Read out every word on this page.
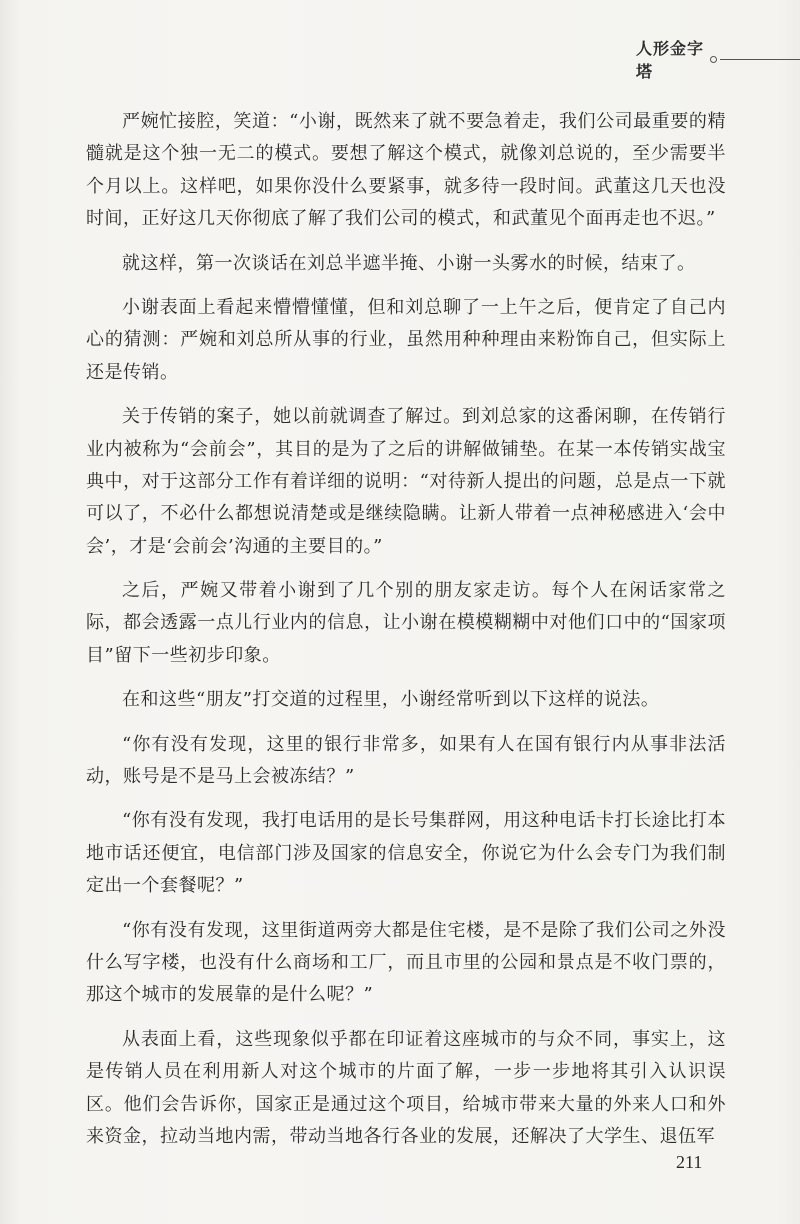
人形金字塔

严婉忙接腔，笑道：“小谢，既然来了就不要急着走，我们公司最重要的精髓就是这个独一无二的模式。要想了解这个模式，就像刘总说的，至少需要半个月以上。这样吧，如果你没什么要紧事，就多待一段时间。武董这几天也没时间，正好这几天你彻底了解了我们公司的模式，和武董见个面再走也不迟。”

就这样，第一次谈话在刘总半遮半掩、小谢一头雾水的时候，结束了。

小谢表面上看起来懵懵懂懂，但和刘总聊了一上午之后，便肯定了自己内心的猜测：严婉和刘总所从事的行业，虽然用种种理由来粉饰自己，但实际上还是传销。

关于传销的案子，她以前就调查了解过。到刘总家的这番闲聊，在传销行业内被称为“会前会”，其目的是为了之后的讲解做铺垫。在某一本传销实战宝典中，对于这部分工作有着详细的说明：“对待新人提出的问题，总是点一下就可以了，不必什么都想说清楚或是继续隐瞒。让新人带着一点神秘感进入‘会中会’，才是‘会前会’沟通的主要目的。”

之后，严婉又带着小谢到了几个别的朋友家走访。每个人在闲话家常之际，都会透露一点儿行业内的信息，让小谢在模模糊糊中对他们口中的“国家项目”留下一些初步印象。

在和这些“朋友”打交道的过程里，小谢经常听到以下这样的说法。

“你有没有发现，这里的银行非常多，如果有人在国有银行内从事非法活动，账号是不是马上会被冻结？”

“你有没有发现，我打电话用的是长号集群网，用这种电话卡打长途比打本地市话还便宜，电信部门涉及国家的信息安全，你说它为什么会专门为我们制定出一个套餐呢？”

“你有没有发现，这里街道两旁大都是住宅楼，是不是除了我们公司之外没什么写字楼，也没有什么商场和工厂，而且市里的公园和景点是不收门票的，那这个城市的发展靠的是什么呢？”

从表面上看，这些现象似乎都在印证着这座城市的与众不同，事实上，这是传销人员在利用新人对这个城市的片面了解，一步一步地将其引入认识误区。他们会告诉你，国家正是通过这个项目，给城市带来大量的外来人口和外来资金，拉动当地内需，带动当地各行各业的发展，还解决了大学生、退伍军

211
